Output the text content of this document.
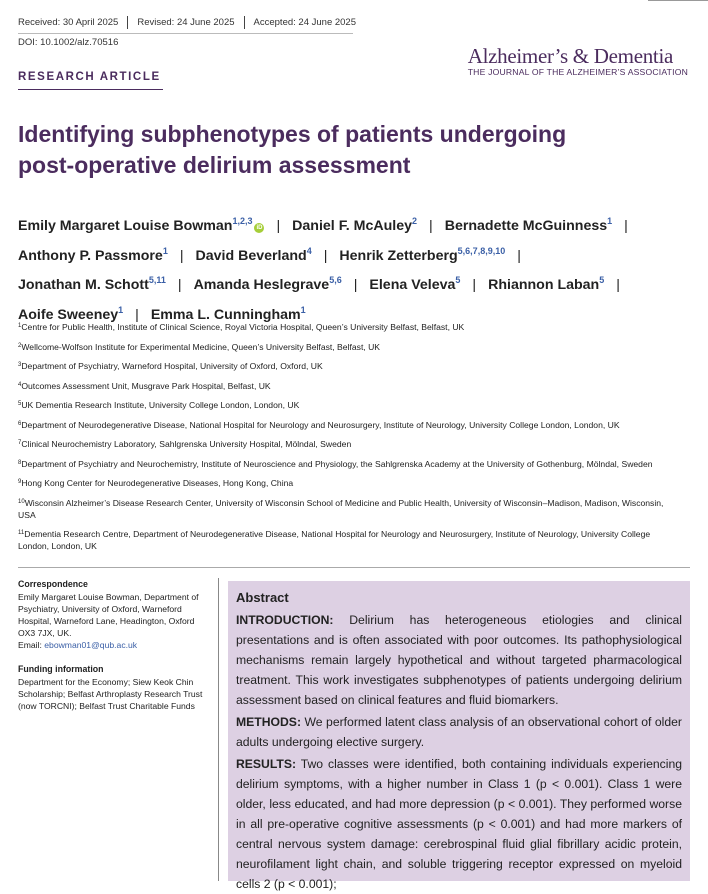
Received: 30 April 2025	Revised: 24 June 2025	Accepted: 24 June 2025
DOI: 10.1002/alz.70516
Alzheimer’s & Dementia
THE JOURNAL OF THE ALZHEIMER’S ASSOCIATION
RESEARCH ARTICLE
Identifying subphenotypes of patients undergoing post-operative delirium assessment
Emily Margaret Louise Bowman$^{1,2,3}$iD | Daniel F. McAuley$^2$ | Bernadette McGuinness$^1$ |
Anthony P. Passmore$^1$ | David Beverland$^4$ | Henrik Zetterberg$^{5,6,7,8,9,10}$ |
Jonathan M. Schott$^{5,11}$ | Amanda Heslegrave$^{5,6}$ | Elena Veleva$^5$ | Rhiannon Laban$^5$ |
Aoife Sweeney$^1$ | Emma L. Cunningham$^1$
$^1$Centre for Public Health, Institute of Clinical Science, Royal Victoria Hospital, Queen’s University Belfast, Belfast, UK
$^2$Wellcome-Wolfson Institute for Experimental Medicine, Queen’s University Belfast, Belfast, UK
$^3$Department of Psychiatry, Warneford Hospital, University of Oxford, Oxford, UK
$^4$Outcomes Assessment Unit, Musgrave Park Hospital, Belfast, UK
$^5$UK Dementia Research Institute, University College London, London, UK
$^6$Department of Neurodegenerative Disease, National Hospital for Neurology and Neurosurgery, Institute of Neurology, University College London, London, UK
$^7$Clinical Neurochemistry Laboratory, Sahlgrenska University Hospital, Mölndal, Sweden
$^8$Department of Psychiatry and Neurochemistry, Institute of Neuroscience and Physiology, the Sahlgrenska Academy at the University of Gothenburg, Mölndal, Sweden
$^9$Hong Kong Center for Neurodegenerative Diseases, Hong Kong, China
$^{10}$Wisconsin Alzheimer’s Disease Research Center, University of Wisconsin School of Medicine and Public Health, University of Wisconsin–Madison, Madison, Wisconsin, USA
$^{11}$Dementia Research Centre, Department of Neurodegenerative Disease, National Hospital for Neurology and Neurosurgery, Institute of Neurology, University College London, London, UK
Correspondence
Emily Margaret Louise Bowman, Department of Psychiatry, University of Oxford, Warneford Hospital, Warneford Lane, Headington, Oxford OX3 7JX, UK.
Email: ebowman01@qub.ac.uk
Funding information
Department for the Economy; Siew Keok Chin Scholarship; Belfast Arthroplasty Research Trust (now TORCNI); Belfast Trust Charitable Funds
Abstract

INTRODUCTION: Delirium has heterogeneous etiologies and clinical presentations and is often associated with poor outcomes. Its pathophysiological mechanisms remain largely hypothetical and without targeted pharmacological treatment. This work investigates subphenotypes of patients undergoing delirium assessment based on clinical features and fluid biomarkers.

METHODS: We performed latent class analysis of an observational cohort of older adults undergoing elective surgery.

RESULTS: Two classes were identified, both containing individuals experiencing delirium symptoms, with a higher number in Class 1 (p < 0.001). Class 1 were older, less educated, and had more depression (p < 0.001). They performed worse in all pre-operative cognitive assessments (p < 0.001) and had more markers of central nervous system damage: cerebrospinal fluid glial fibrillary acidic protein, neurofilament light chain, and soluble triggering receptor expressed on myeloid cells 2 (p < 0.001);
